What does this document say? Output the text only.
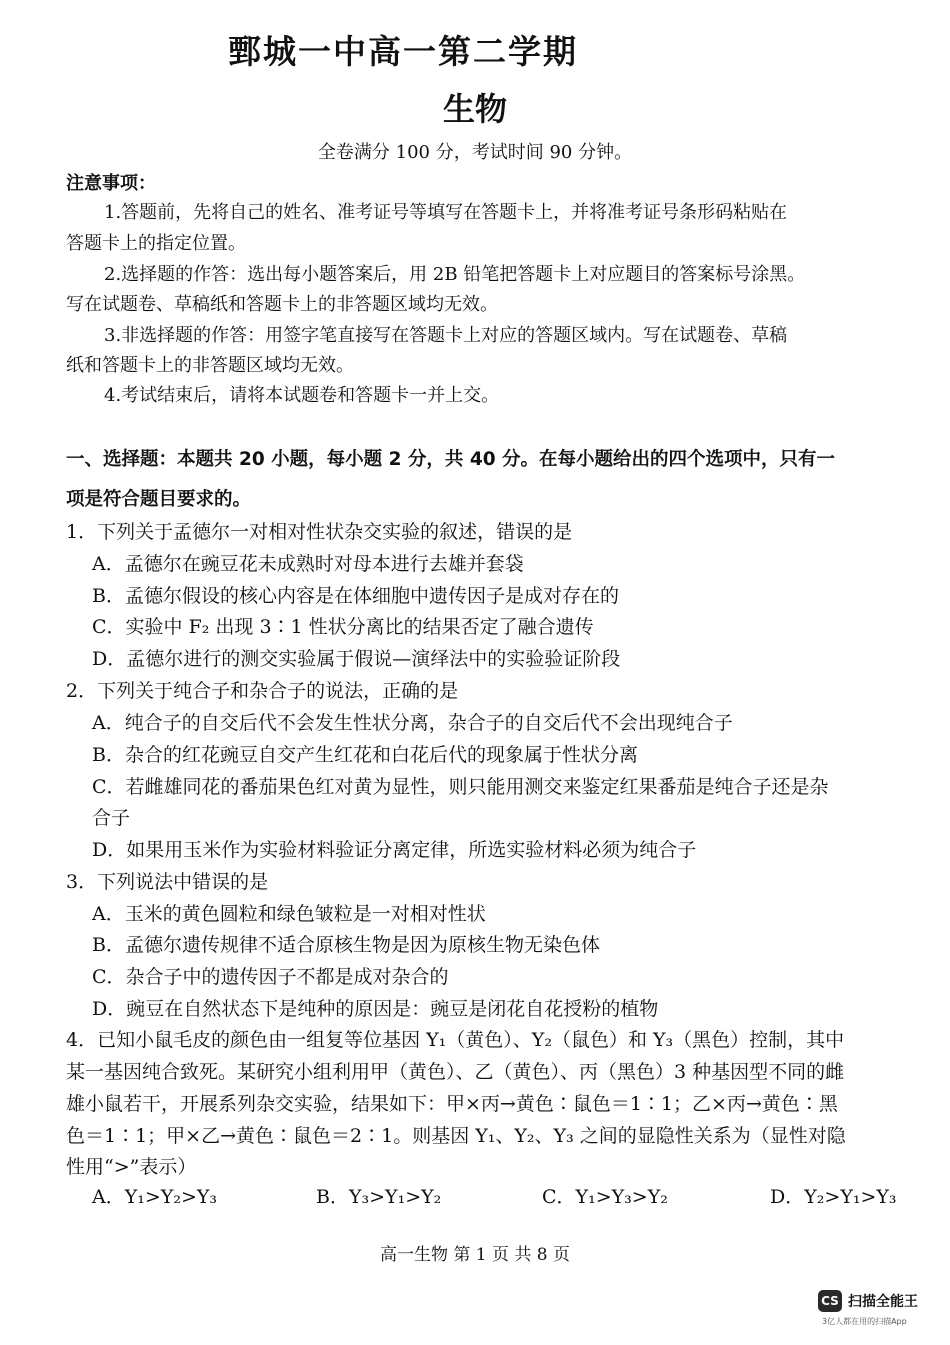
鄄城一中高一第二学期
生物
全卷满分 100 分，考试时间 90 分钟。
注意事项：
1.答题前，先将自己的姓名、准考证号等填写在答题卡上，并将准考证号条形码粘贴在
答题卡上的指定位置。
2.选择题的作答：选出每小题答案后，用 2B 铅笔把答题卡上对应题目的答案标号涂黑。
写在试题卷、草稿纸和答题卡上的非答题区域均无效。
3.非选择题的作答：用签字笔直接写在答题卡上对应的答题区域内。写在试题卷、草稿
纸和答题卡上的非答题区域均无效。
4.考试结束后，请将本试题卷和答题卡一并上交。
一、选择题：本题共 20 小题，每小题 2 分，共 40 分。在每小题给出的四个选项中，只有一
项是符合题目要求的。
1．下列关于孟德尔一对相对性状杂交实验的叙述，错误的是
A．孟德尔在豌豆花未成熟时对母本进行去雄并套袋
B．孟德尔假设的核心内容是在体细胞中遗传因子是成对存在的
C．实验中 F₂ 出现 3∶1 性状分离比的结果否定了融合遗传
D．孟德尔进行的测交实验属于假说—演绎法中的实验验证阶段
2．下列关于纯合子和杂合子的说法，正确的是
A．纯合子的自交后代不会发生性状分离，杂合子的自交后代不会出现纯合子
B．杂合的红花豌豆自交产生红花和白花后代的现象属于性状分离
C．若雌雄同花的番茄果色红对黄为显性，则只能用测交来鉴定红果番茄是纯合子还是杂
合子
D．如果用玉米作为实验材料验证分离定律，所选实验材料必须为纯合子
3．下列说法中错误的是
A．玉米的黄色圆粒和绿色皱粒是一对相对性状
B．孟德尔遗传规律不适合原核生物是因为原核生物无染色体
C．杂合子中的遗传因子不都是成对杂合的
D．豌豆在自然状态下是纯种的原因是：豌豆是闭花自花授粉的植物
4．已知小鼠毛皮的颜色由一组复等位基因 Y₁（黄色）、Y₂（鼠色）和 Y₃（黑色）控制，其中
某一基因纯合致死。某研究小组利用甲（黄色）、乙（黄色）、丙（黑色）3 种基因型不同的雌
雄小鼠若干，开展系列杂交实验，结果如下：甲×丙→黄色∶鼠色＝1∶1；乙×丙→黄色∶黑
色＝1∶1；甲×乙→黄色∶鼠色＝2∶1。则基因 Y₁、Y₂、Y₃ 之间的显隐性关系为（显性对隐
性用“>”表示）
A．Y₁>Y₂>Y₃	B．Y₃>Y₁>Y₂	C．Y₁>Y₃>Y₂	D．Y₂>Y₁>Y₃
高一生物 第 1 页 共 8 页
CS 扫描全能王
3亿人都在用的扫描App
